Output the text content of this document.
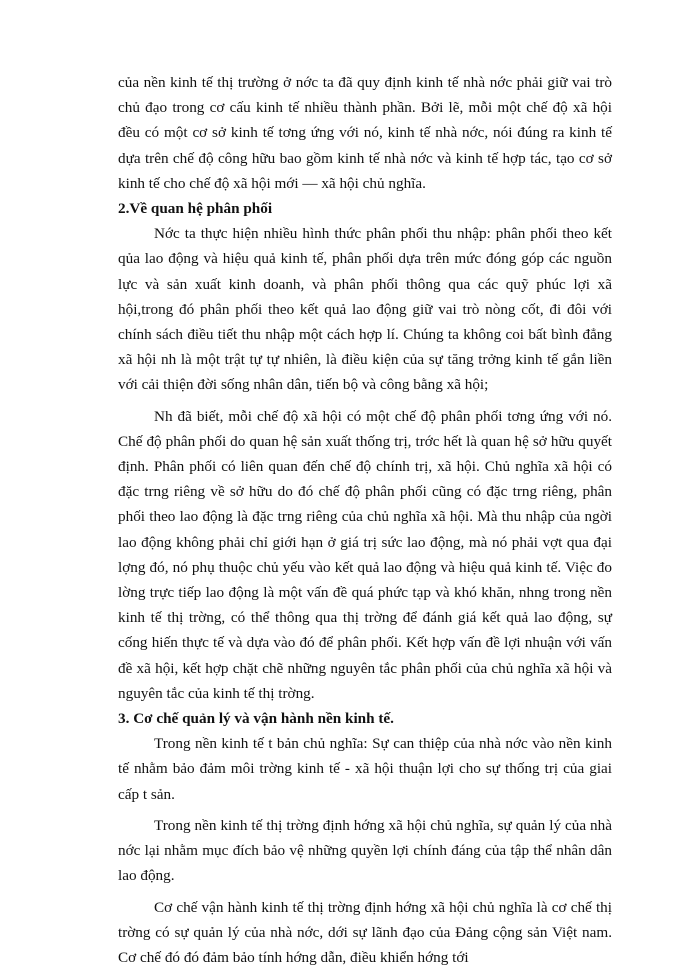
của nền kinh tế thị trường ở nớc ta đã quy định kinh tế nhà nớc phải giữ vai trò chủ đạo trong cơ cấu kinh tế nhiều thành phần. Bởi lẽ, mỗi một chế độ xã hội đều có một cơ sở kinh tế tơng ứng với nó, kinh tế nhà nớc, nói đúng ra kinh tế dựa trên chế độ công hữu bao gồm kinh tế nhà nớc và kinh tế hợp tác, tạo cơ sở kinh tế cho chế độ xã hội mới — xã hội chủ nghĩa.

2.Về quan hệ phân phối

Nớc ta thực hiện nhiều hình thức phân phối thu nhập: phân phối theo kết qủa lao động và hiệu quả kinh tế, phân phối dựa trên mức đóng góp các nguồn lực và sản xuất kinh doanh, và phân phối thông qua các quỹ phúc lợi xã hội,trong đó phân phối theo kết quả lao động giữ vai trò nòng cốt, đi đôi với chính sách điều tiết thu nhập một cách hợp lí. Chúng ta không coi bất bình đẳng xã hội nh là một trật tự tự nhiên, là điều kiện của sự tăng trởng kinh tế gắn liền với cải thiện đời sống nhân dân, tiến bộ và công bằng xã hội;

Nh đã biết, mỗi chế độ xã hội có một chế độ phân phối tơng ứng với nó. Chế độ phân phối do quan hệ sản xuất thống trị, trớc hết là quan hệ sở hữu quyết định. Phân phối có liên quan đến chế độ chính trị, xã hội. Chủ nghĩa xã hội có đặc trng riêng về sở hữu do đó chế độ phân phối cũng có đặc trng riêng, phân phối theo lao động là đặc trng riêng của chủ nghĩa xã hội. Mà thu nhập của ngời lao động không phải chỉ giới hạn ở giá trị sức lao động, mà nó phải vợt qua đại lợng đó, nó phụ thuộc chủ yếu vào kết quả lao động và hiệu quả kinh tế. Việc đo lờng trực tiếp lao động là một vấn đề quá phức tạp và khó khăn, nhng trong nền kinh tế thị trờng, có thể thông qua thị trờng để đánh giá kết quả lao động, sự cống hiến thực tế và dựa vào đó để phân phối. Kết hợp vấn đề lợi nhuận với vấn đề xã hội, kết hợp chặt chẽ những nguyên tắc phân phối của chủ nghĩa xã hội và nguyên tắc của kinh tế thị trờng.

3. Cơ chế quản lý và vận hành nền kinh tế.

Trong nền kinh tế t bản chủ nghĩa: Sự can thiệp của nhà nớc vào nền kinh tế nhằm bảo đảm môi trờng kinh tế - xã hội thuận lợi cho sự thống trị của giai cấp t sản.

Trong nền kinh tế thị trờng định hớng xã hội chủ nghĩa, sự quản lý của nhà nớc lại nhằm mục đích bảo vệ những quyền lợi chính đáng của tập thể nhân dân lao động.

Cơ chế vận hành kinh tế thị trờng định hớng xã hội chủ nghĩa là cơ chế thị trờng có sự quản lý của nhà nớc, dới sự lãnh đạo của Đảng cộng sản Việt nam. Cơ chế đó đó đảm bảo tính hớng dẫn, điều khiển hớng tới
